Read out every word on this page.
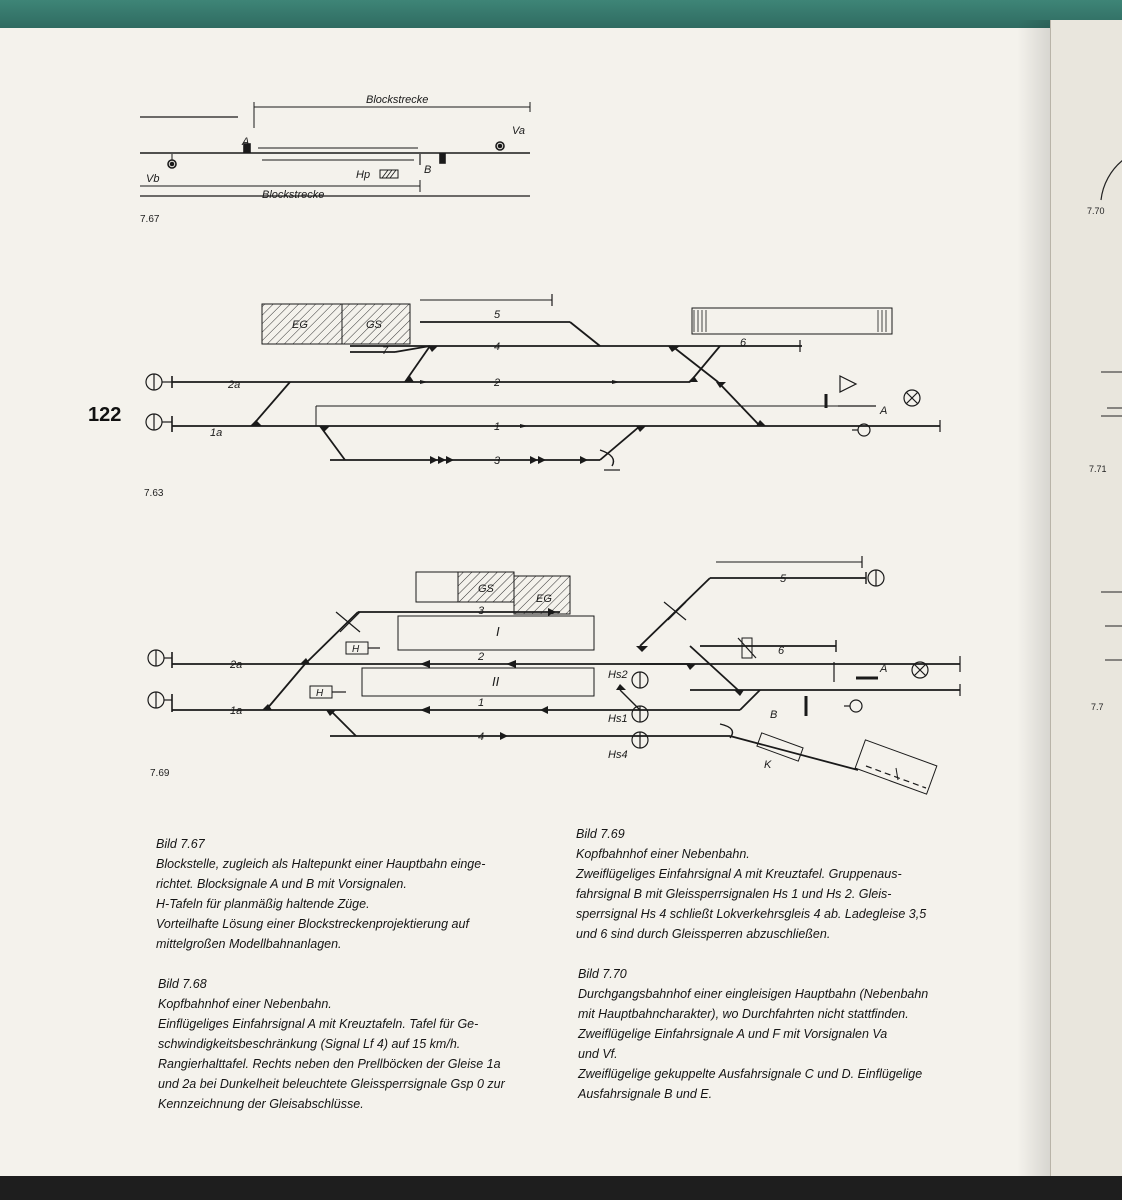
7.70
7.71
7.7
122
Blockstrecke
Blockstrecke
A
B
Va
Vb	Hp
7.67
EG	GS
5
4
7
6
2a	2
1a	1
3
A
7.63
GS
EG
5
3
I
6
2a
2
II
A
Hs2
B
1a
1
Hs1
4
Hs4
K
H
H
7.69
Bild 7.67
Blockstelle, zugleich als Haltepunkt einer Hauptbahn einge-
richtet. Blocksignale A und B mit Vorsignalen.
H-Tafeln für planmäßig haltende Züge.
Vorteilhafte Lösung einer Blockstreckenprojektierung auf
mittelgroßen Modellbahnanlagen.
Bild 7.68
Kopfbahnhof einer Nebenbahn.
Einflügeliges Einfahrsignal A mit Kreuztafeln. Tafel für Ge-
schwindigkeitsbeschränkung (Signal Lf 4) auf 15 km/h.
Rangierhalttafel. Rechts neben den Prellböcken der Gleise 1a
und 2a bei Dunkelheit beleuchtete Gleissperrsignale Gsp 0 zur
Kennzeichnung der Gleisabschlüsse.
Bild 7.69
Kopfbahnhof einer Nebenbahn.
Zweiflügeliges Einfahrsignal A mit Kreuztafel. Gruppenaus-
fahrsignal B mit Gleissperrsignalen Hs 1 und Hs 2. Gleis-
sperrsignal Hs 4 schließt Lokverkehrsgleis 4 ab. Ladegleise 3,5
und 6 sind durch Gleissperren abzuschließen.
Bild 7.70
Durchgangsbahnhof einer eingleisigen Hauptbahn (Nebenbahn
mit Hauptbahncharakter), wo Durchfahrten nicht stattfinden.
Zweiflügelige Einfahrsignale A und F mit Vorsignalen Va
und Vf.
Zweiflügelige gekuppelte Ausfahrsignale C und D. Einflügelige
Ausfahrsignale B und E.
